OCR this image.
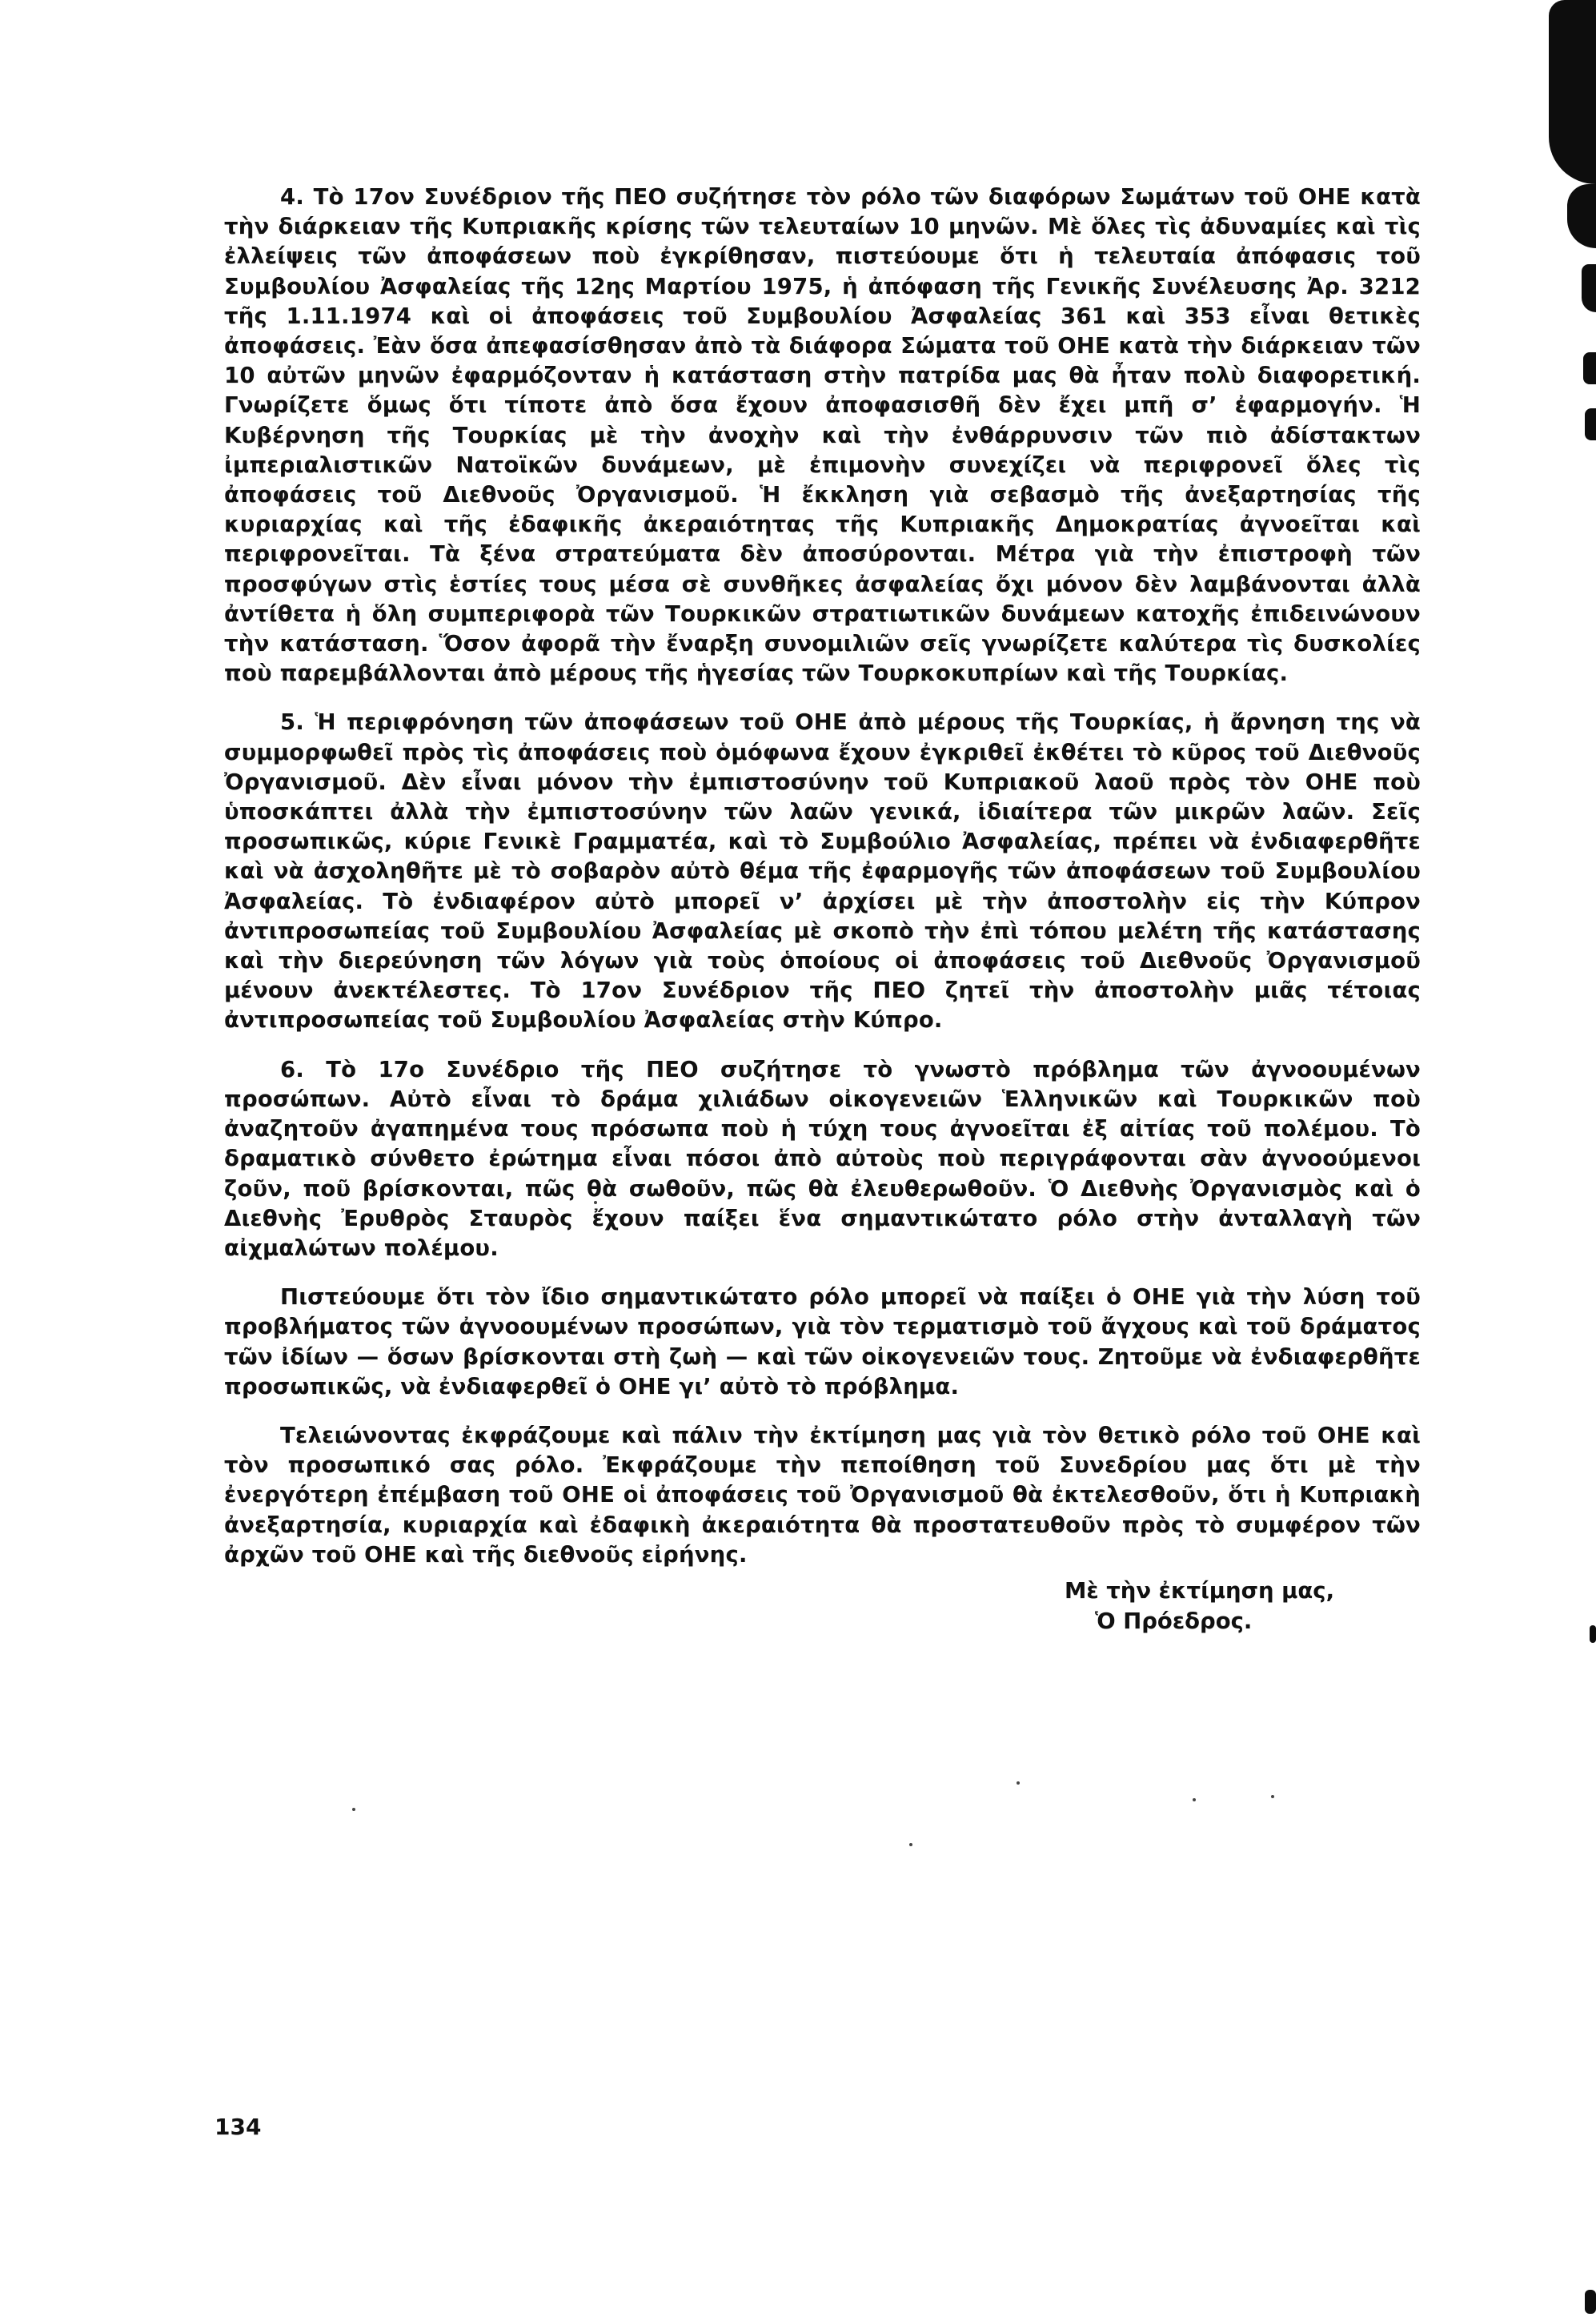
4. Τὸ 17ον Συνέδριον τῆς ΠΕΟ συζήτησε τὸν ρόλο τῶν διαφόρων Σωμάτων τοῦ ΟΗΕ κατὰ τὴν διάρκειαν τῆς Κυπριακῆς κρίσης τῶν τελευταίων 10 μηνῶν. Μὲ ὅλες τὶς ἀδυναμίες καὶ τὶς ἐλλείψεις τῶν ἀποφάσεων ποὺ ἐγκρίθησαν, πιστεύουμε ὅτι ἡ τελευταία ἀπόφασις τοῦ Συμβουλίου Ἀσφαλείας τῆς 12ης Μαρτίου 1975, ἡ ἀπόφαση τῆς Γενικῆς Συνέλευσης Ἀρ. 3212 τῆς 1.11.1974 καὶ οἱ ἀποφάσεις τοῦ Συμβουλίου Ἀσφαλείας 361 καὶ 353 εἶναι θετικὲς ἀποφάσεις. Ἐὰν ὅσα ἀπεφασίσθησαν ἀπὸ τὰ διάφορα Σώματα τοῦ ΟΗΕ κατὰ τὴν διάρκειαν τῶν 10 αὐτῶν μηνῶν ἐφαρμόζονταν ἡ κατάσταση στὴν πατρίδα μας θὰ ἦταν πολὺ διαφορετική. Γνωρίζετε ὅμως ὅτι τίποτε ἀπὸ ὅσα ἔχουν ἀποφασισθῆ δὲν ἔχει μπῆ σ’ ἐφαρμογήν. Ἡ Κυβέρνηση τῆς Τουρκίας μὲ τὴν ἀνοχὴν καὶ τὴν ἐνθάρρυνσιν τῶν πιὸ ἀδίστακτων ἰμπεριαλιστικῶν Νατοϊκῶν δυνάμεων, μὲ ἐπιμονὴν συνεχίζει νὰ περιφρονεῖ ὅλες τὶς ἀποφάσεις τοῦ Διεθνοῦς Ὀργανισμοῦ. Ἡ ἔκκληση γιὰ σεβασμὸ τῆς ἀνεξαρτησίας τῆς κυριαρχίας καὶ τῆς ἐδαφικῆς ἀκεραιότητας τῆς Κυπριακῆς Δημοκρατίας ἀγνοεῖται καὶ περιφρονεῖται. Τὰ ξένα στρατεύματα δὲν ἀποσύρονται. Μέτρα γιὰ τὴν ἐπιστροφὴ τῶν προσφύγων στὶς ἑστίες τους μέσα σὲ συνθῆκες ἀσφαλείας ὄχι μόνον δὲν λαμβάνονται ἀλλὰ ἀντίθετα ἡ ὅλη συμπεριφορὰ τῶν Τουρκικῶν στρατιωτικῶν δυνάμεων κατοχῆς ἐπιδεινώνουν τὴν κατάσταση. Ὅσον ἀφορᾶ τὴν ἔναρξη συνομιλιῶν σεῖς γνωρίζετε καλύτερα τὶς δυσκολίες ποὺ παρεμβάλλονται ἀπὸ μέρους τῆς ἡγεσίας τῶν Τουρκοκυπρίων καὶ τῆς Τουρκίας.

5. Ἡ περιφρόνηση τῶν ἀποφάσεων τοῦ ΟΗΕ ἀπὸ μέρους τῆς Τουρκίας, ἡ ἄρνηση της νὰ συμμορφωθεῖ πρὸς τὶς ἀποφάσεις ποὺ ὁμόφωνα ἔχουν ἐγκριθεῖ ἐκθέτει τὸ κῦρος τοῦ Διεθνοῦς Ὀργανισμοῦ. Δὲν εἶναι μόνον τὴν ἐμπιστοσύνην τοῦ Κυπριακοῦ λαοῦ πρὸς τὸν ΟΗΕ ποὺ ὑποσκάπτει ἀλλὰ τὴν ἐμπιστοσύνην τῶν λαῶν γενικά, ἰδιαίτερα τῶν μικρῶν λαῶν. Σεῖς προσωπικῶς, κύριε Γενικὲ Γραμματέα, καὶ τὸ Συμβούλιο Ἀσφαλείας, πρέπει νὰ ἐνδιαφερθῆτε καὶ νὰ ἀσχοληθῆτε μὲ τὸ σοβαρὸν αὐτὸ θέμα τῆς ἐφαρμογῆς τῶν ἀποφάσεων τοῦ Συμβουλίου Ἀσφαλείας. Τὸ ἐνδιαφέρον αὐτὸ μπορεῖ ν’ ἀρχίσει μὲ τὴν ἀποστολὴν εἰς τὴν Κύπρον ἀντιπροσωπείας τοῦ Συμβουλίου Ἀσφαλείας μὲ σκοπὸ τὴν ἐπὶ τόπου μελέτη τῆς κατάστασης καὶ τὴν διερεύνηση τῶν λόγων γιὰ τοὺς ὁποίους οἱ ἀποφάσεις τοῦ Διεθνοῦς Ὀργανισμοῦ μένουν ἀνεκτέλεστες. Τὸ 17ον Συνέδριον τῆς ΠΕΟ ζητεῖ τὴν ἀποστολὴν μιᾶς τέτοιας ἀντιπροσωπείας τοῦ Συμβουλίου Ἀσφαλείας στὴν Κύπρο.

6. Τὸ 17ο Συνέδριο τῆς ΠΕΟ συζήτησε τὸ γνωστὸ πρόβλημα τῶν ἀγνοουμένων προσώπων. Αὐτὸ εἶναι τὸ δράμα χιλιάδων οἰκογενειῶν Ἑλληνικῶν καὶ Τουρκικῶν ποὺ ἀναζητοῦν ἀγαπημένα τους πρόσωπα ποὺ ἡ τύχη τους ἀγνοεῖται ἐξ αἰτίας τοῦ πολέμου. Τὸ δραματικὸ σύνθετο ἐρώτημα εἶναι πόσοι ἀπὸ αὐτοὺς ποὺ περιγράφονται σὰν ἀγνοούμενοι ζοῦν, ποῦ βρίσκονται, πῶς θὰ σωθοῦν, πῶς θὰ ἐλευθερωθοῦν. Ὁ Διεθνὴς Ὀργανισμὸς καὶ ὁ Διεθνὴς Ἐρυθρὸς Σταυρὸς ἔχουν παίξει ἕνα σημαντικώτατο ρόλο στὴν ἀνταλλαγὴ τῶν αἰχμαλώτων πολέμου.

Πιστεύουμε ὅτι τὸν ἴδιο σημαντικώτατο ρόλο μπορεῖ νὰ παίξει ὁ ΟΗΕ γιὰ τὴν λύση τοῦ προβλήματος τῶν ἀγνοουμένων προσώπων, γιὰ τὸν τερματισμὸ τοῦ ἄγχους καὶ τοῦ δράματος τῶν ἰδίων — ὅσων βρίσκονται στὴ ζωὴ — καὶ τῶν οἰκογενειῶν τους. Ζητοῦμε νὰ ἐνδιαφερθῆτε προσωπικῶς, νὰ ἐνδιαφερθεῖ ὁ ΟΗΕ γι’ αὐτὸ τὸ πρόβλημα.

Τελειώνοντας ἐκφράζουμε καὶ πάλιν τὴν ἐκτίμηση μας γιὰ τὸν θετικὸ ρόλο τοῦ ΟΗΕ καὶ τὸν προσωπικό σας ρόλο. Ἐκφράζουμε τὴν πεποίθηση τοῦ Συνεδρίου μας ὅτι μὲ τὴν ἐνεργότερη ἐπέμβαση τοῦ ΟΗΕ οἱ ἀποφάσεις τοῦ Ὀργανισμοῦ θὰ ἐκτελεσθοῦν, ὅτι ἡ Κυπριακὴ ἀνεξαρτησία, κυριαρχία καὶ ἐδαφικὴ ἀκεραιότητα θὰ προστατευθοῦν πρὸς τὸ συμφέρον τῶν ἀρχῶν τοῦ ΟΗΕ καὶ τῆς διεθνοῦς εἰρήνης.

Μὲ τὴν ἐκτίμηση μας,
Ὁ Πρόεδρος.
134
